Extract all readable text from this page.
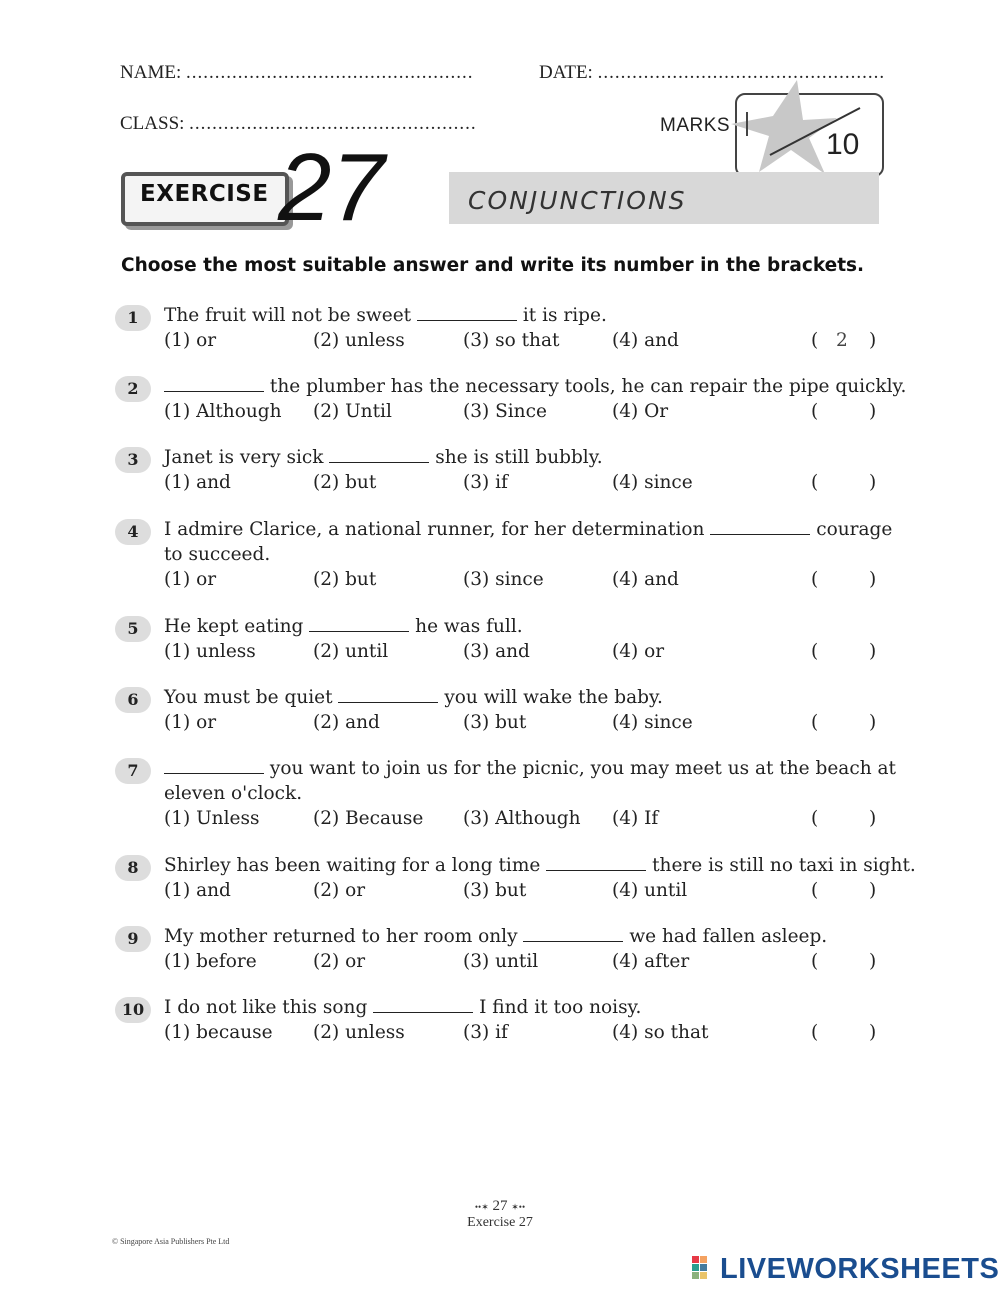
NAME: ..................................................	DATE: ..................................................
CLASS: ..................................................	MARKS
10
EXERCISE 27	CONJUNCTIONS
Choose the most suitable answer and write its number in the brackets.
1	The fruit will not be sweet	it is ripe.
(1) or	(2) unless	(3) so that	(4) and	( 2 )
2	the plumber has the necessary tools, he can repair the pipe quickly.
(1) Although (2) Until	(3) Since	(4) Or	(	)
3	Janet is very sick	she is still bubbly.
(1) and	(2) but	(3) if	(4) since	(	)
4	I admire Clarice, a national runner, for her determination	courage
to succeed.
(1) or	(2) but	(3) since	(4) and	(	)
5	He kept eating	he was full.
(1) unless	(2) until	(3) and	(4) or	(	)
6	You must be quiet	you will wake the baby.
(1) or	(2) and	(3) but	(4) since	(	)
7	you want to join us for the picnic, you may meet us at the beach at
eleven o'clock.
(1) Unless	(2) Because (3) Although (4) If	(	)
8	Shirley has been waiting for a long time	there is still no taxi in sight.
(1) and	(2) or	(3) but	(4) until	(	)
9	My mother returned to her room only	we had fallen asleep.
(1) before	(2) or	(3) until	(4) after	(	)
10	I do not like this song	I find it too noisy.
(1) because (2) unless	(3) if	(4) so that	(	)
••✶ 27 ✶••
Exercise 27
© Singapore Asia Publishers Pte Ltd
LIVEWORKSHEETS
